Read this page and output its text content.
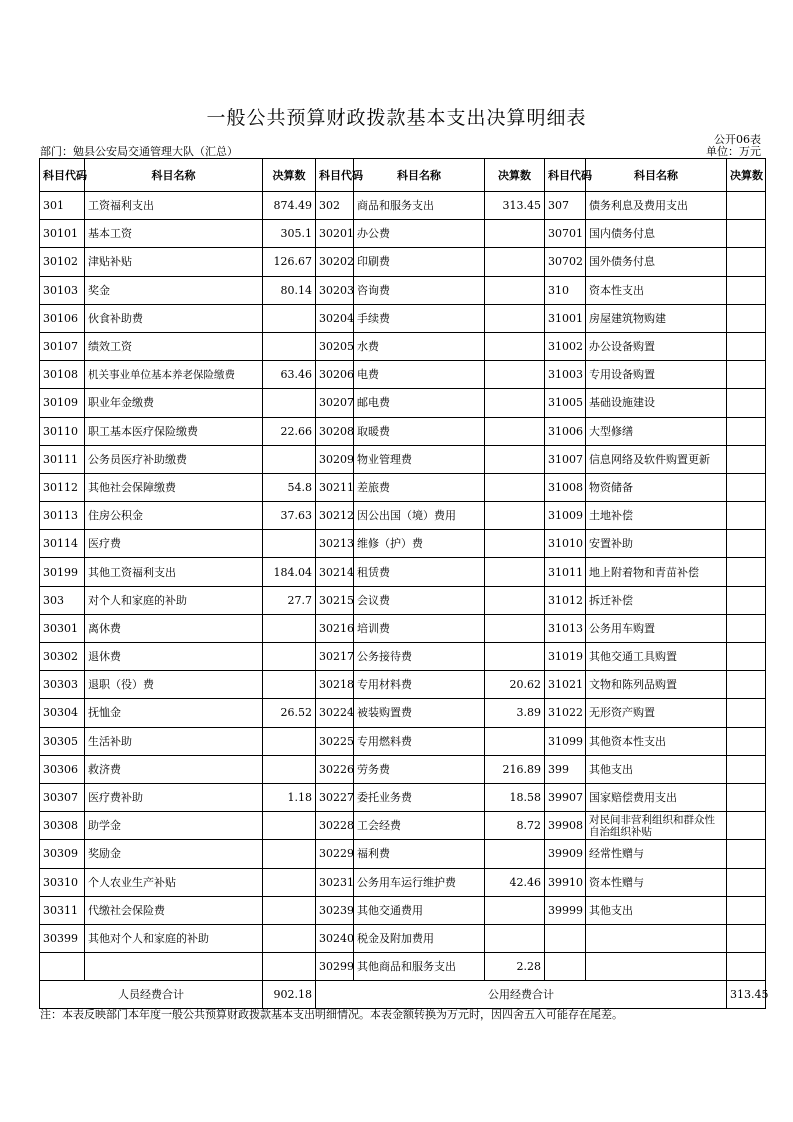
一般公共预算财政拨款基本支出决算明细表
公开06表
部门：勉县公安局交通管理大队（汇总）	单位：万元
科目代码	科目名称	决算数	科目代码	科目名称	决算数	科目代码	科目名称	决算数
301	工资福利支出	874.49	302	商品和服务支出	313.45	307	债务利息及费用支出	
30101	基本工资	305.1	30201	办公费		30701	国内债务付息	
30102	津贴补贴	126.67	30202	印刷费		30702	国外债务付息	
30103	奖金	80.14	30203	咨询费		310	资本性支出	
30106	伙食补助费		30204	手续费		31001	房屋建筑物购建	
30107	绩效工资		30205	水费		31002	办公设备购置	
30108	机关事业单位基本养老保险缴费	63.46	30206	电费		31003	专用设备购置	
30109	职业年金缴费		30207	邮电费		31005	基础设施建设	
30110	职工基本医疗保险缴费	22.66	30208	取暖费		31006	大型修缮	
30111	公务员医疗补助缴费		30209	物业管理费		31007	信息网络及软件购置更新	
30112	其他社会保障缴费	54.8	30211	差旅费		31008	物资储备	
30113	住房公积金	37.63	30212	因公出国（境）费用		31009	土地补偿	
30114	医疗费		30213	维修（护）费		31010	安置补助	
30199	其他工资福利支出	184.04	30214	租赁费		31011	地上附着物和青苗补偿	
303	对个人和家庭的补助	27.7	30215	会议费		31012	拆迁补偿	
30301	离休费		30216	培训费		31013	公务用车购置	
30302	退休费		30217	公务接待费		31019	其他交通工具购置	
30303	退职（役）费		30218	专用材料费	20.62	31021	文物和陈列品购置	
30304	抚恤金	26.52	30224	被装购置费	3.89	31022	无形资产购置	
30305	生活补助		30225	专用燃料费		31099	其他资本性支出	
30306	救济费		30226	劳务费	216.89	399	其他支出	
30307	医疗费补助	1.18	30227	委托业务费	18.58	39907	国家赔偿费用支出	
30308	助学金		30228	工会经费	8.72	39908	对民间非营利组织和群众性自治组织补贴	
30309	奖励金		30229	福利费		39909	经常性赠与	
30310	个人农业生产补贴		30231	公务用车运行维护费	42.46	39910	资本性赠与	
30311	代缴社会保险费		30239	其他交通费用		39999	其他支出	
30399	其他对个人和家庭的补助		30240	税金及附加费用				
			30299	其他商品和服务支出	2.28			
人员经费合计		902.18	公用经费合计					313.45
注：本表反映部门本年度一般公共预算财政拨款基本支出明细情况。本表金额转换为万元时，因四舍五入可能存在尾差。
